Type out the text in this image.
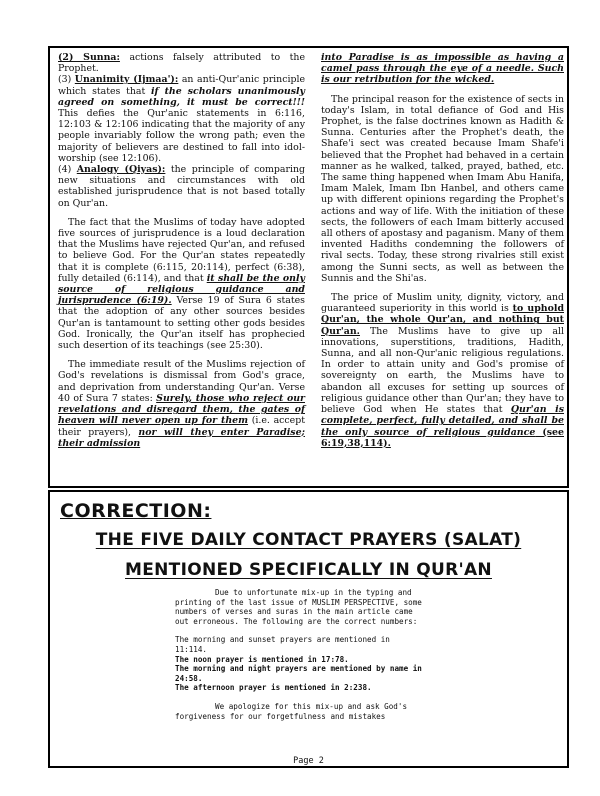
(2) Sunna: actions falsely attributed to the Prophet.

(3) Unanimity (Ijmaa'): an anti-Qur'anic principle which states that if the scholars unanimously agreed on something, it must be correct!!! This defies the Qur'anic statements in 6:116, 12:103 & 12:106 indicating that the majority of any people invariably follow the wrong path; even the majority of believers are destined to fall into idol-worship (see 12:106).

(4) Analogy (Qiyas): the principle of comparing new situations and circumstances with old established jurisprudence that is not based totally on Qur'an.

The fact that the Muslims of today have adopted five sources of jurisprudence is a loud declaration that the Muslims have rejected Qur'an, and refused to believe God. For the Qur'an states repeatedly that it is complete (6:115, 20:114), perfect (6:38), fully detailed (6:114), and that it shall be the only source of religious guidance and jurisprudence (6:19). Verse 19 of Sura 6 states that the adoption of any other sources besides Qur'an is tantamount to setting other gods besides God. Ironically, the Qur'an itself has prophecied such desertion of its teachings (see 25:30).

The immediate result of the Muslims rejection of God's revelations is dismissal from God's grace, and deprivation from understanding Qur'an. Verse 40 of Sura 7 states: Surely, those who reject our revelations and disregard them, the gates of heaven will never open up for them (i.e. accept their prayers), nor will they enter Paradise; their admission

into Paradise is as impossible as having a camel pass through the eye of a needle. Such is our retribution for the wicked.

The principal reason for the existence of sects in today's Islam, in total defiance of God and His Prophet, is the false doctrines known as Hadith & Sunna. Centuries after the Prophet's death, the Shafe'i sect was created because Imam Shafe'i believed that the Prophet had behaved in a certain manner as he walked, talked, prayed, bathed, etc. The same thing happened when Imam Abu Hanifa, Imam Malek, Imam Ibn Hanbel, and others came up with different opinions regarding the Prophet's actions and way of life. With the initiation of these sects, the followers of each Imam bitterly accused all others of apostasy and paganism. Many of them invented Hadiths condemning the followers of rival sects. Today, these strong rivalries still exist among the Sunni sects, as well as between the Sunnis and the Shi'as.

The price of Muslim unity, dignity, victory, and guaranteed superiority in this world is to uphold Qur'an, the whole Qur'an, and nothing but Qur'an. The Muslims have to give up all innovations, superstitions, traditions, Hadith, Sunna, and all non-Qur'anic religious regulations. In order to attain unity and God's promise of sovereignty on earth, the Muslims have to abandon all excuses for setting up sources of religious guidance other than Qur'an; they have to believe God when He states that Qur'an is complete, perfect, fully detailed, and shall be the only source of religious guidance (see 6:19,38,114).

CORRECTION:
THE FIVE DAILY CONTACT PRAYERS (SALAT)
MENTIONED SPECIFICALLY IN QUR'AN
Due to unfortunate mix-up in the typing and printing of the last issue of MUSLIM PERSPECTIVE, some numbers of verses and suras in the main article came out erroneous. The following are the correct numbers:
The morning and sunset prayers are mentioned in 11:114.
The noon prayer is mentioned in 17:78.
The morning and night prayers are mentioned by name in 24:58.
The afternoon prayer is mentioned in 2:238.
We apologize for this mix-up and ask God's forgiveness for our forgetfulness and mistakes
Page 2
